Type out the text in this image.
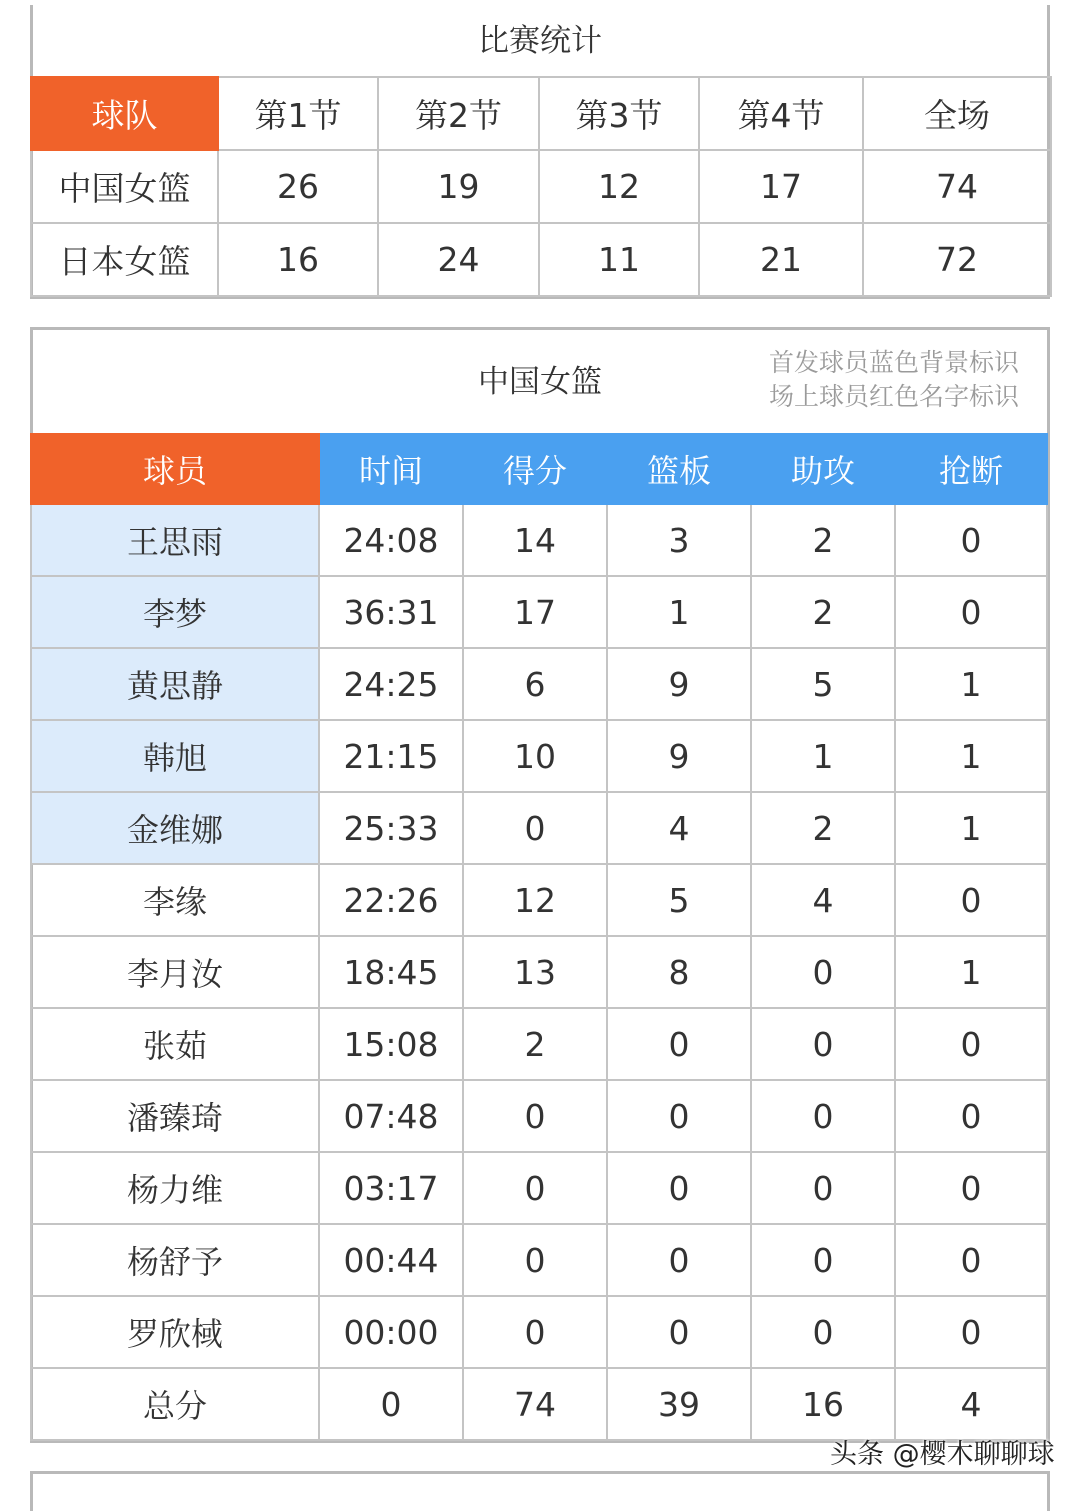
比赛统计
球队	第1节	第2节	第3节	第4节	全场
中国女篮	26	19	12	17	74
日本女篮	16	24	11	21	72
中国女篮
首发球员蓝色背景标识
场上球员红色名字标识
球员	时间	得分	篮板	助攻	抢断
王思雨	24:08	14	3	2	0
李梦	36:31	17	1	2	0
黄思静	24:25	6	9	5	1
韩旭	21:15	10	9	1	1
金维娜	25:33	0	4	2	1
李缘	22:26	12	5	4	0
李月汝	18:45	13	8	0	1
张茹	15:08	2	0	0	0
潘臻琦	07:48	0	0	0	0
杨力维	03:17	0	0	0	0
杨舒予	00:44	0	0	0	0
罗欣棫	00:00	0	0	0	0
总分	0	74	39	16	4
头条 @樱木聊聊球
